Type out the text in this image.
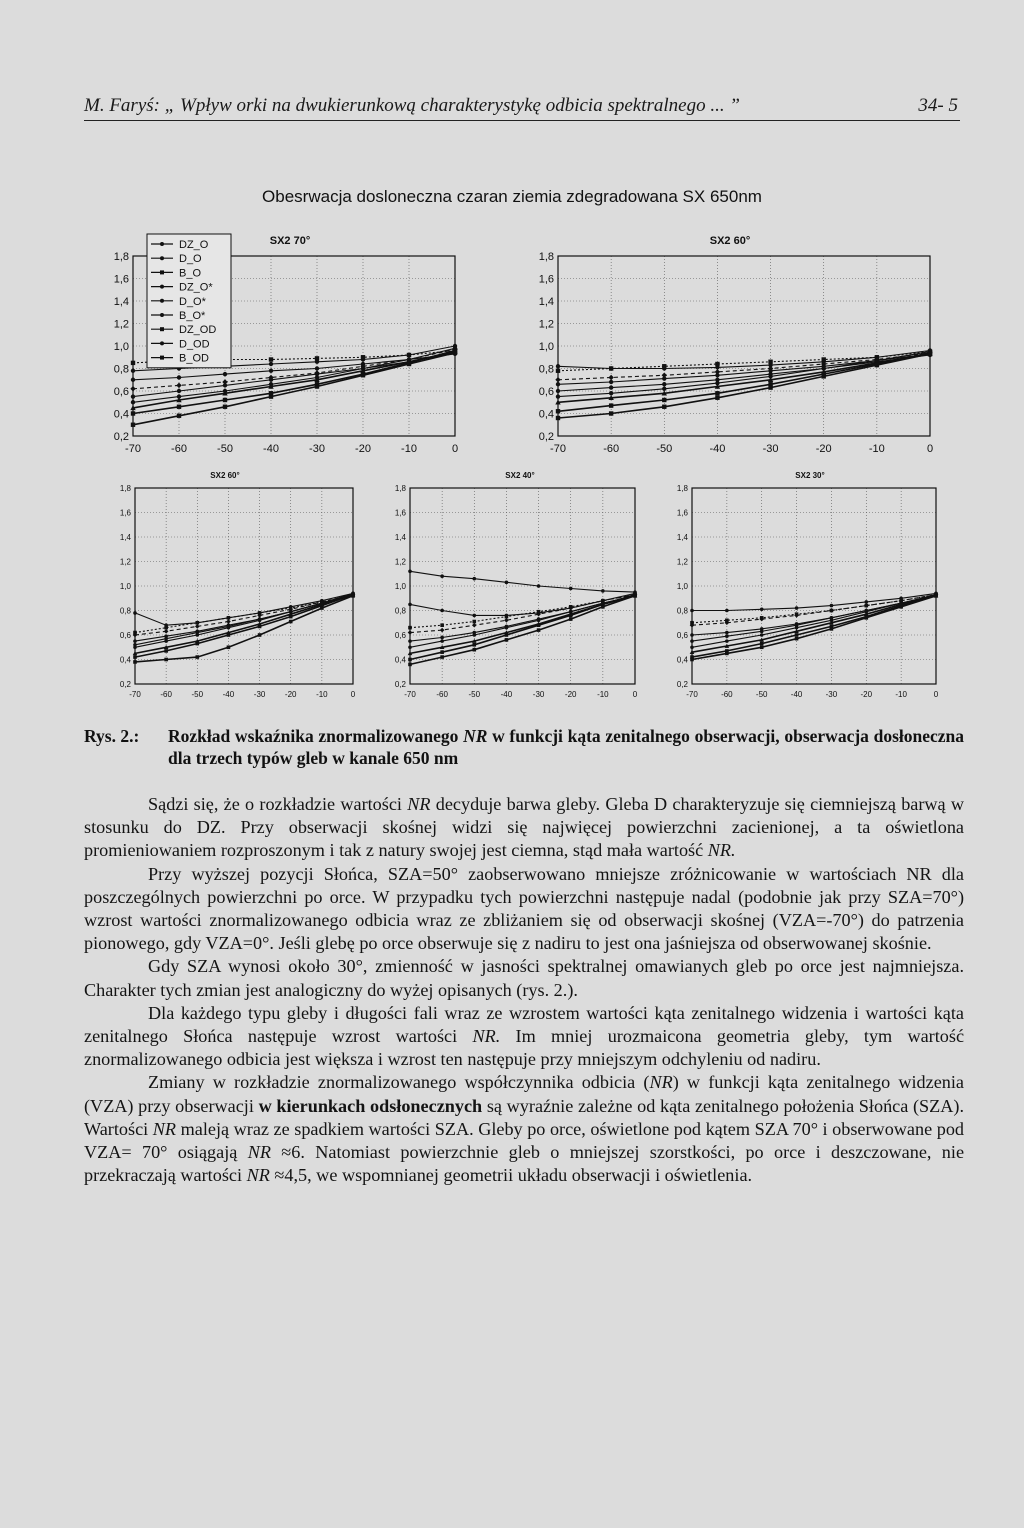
M. Faryś: „ Wpływ orki na dwukierunkową charakterystykę odbicia spektralnego ... ”	34- 5
Obesrwacja dosloneczna czaran ziemia zdegradowana SX 650nm
SX2 70°
1,8
1,6
1,4
1,2
1,0
0,8
0,6
0,4
0,2
-70	-60	-50	-40	-30	-20	-10	0
DZ_O
D_O
B_O
DZ_O*
D_O*
B_O*
DZ_OD
D_OD
B_OD
SX2 60°
1,8
1,6
1,4
1,2
1,0
0,8
0,6
0,4
0,2
-70	-60	-50	-40	-30	-20	-10	0
SX2 60°
1,8
1,6
1,4
1,2
1,0
0,8
0,6
0,4
0,2
-70 -60 -50 -40 -30 -20 -10	0
SX2 40°
1,8
1,6
1,4
1,2
1,0
0,8
0,6
0,4
0,2
-70	-60	-50	-40	-30	-20	-10	0
SX2 30°
1,8
1,6
1,4
1,2
1,0
0,8
0,6
0,4
0,2
-70	-60	-50	-40	-30	-20	-10	0
Rys. 2.: Rozkład wskaźnika znormalizowanego NR w funkcji kąta zenitalnego obserwacji, obserwacja dosłoneczna dla trzech typów gleb w kanale 650 nm

Sądzi się, że o rozkładzie wartości NR decyduje barwa gleby. Gleba D charakteryzuje się ciemniejszą barwą w stosunku do DZ. Przy obserwacji skośnej widzi się najwięcej powierzchni zacienionej, a ta oświetlona promieniowaniem rozproszonym i tak z natury swojej jest ciemna, stąd mała wartość NR.

Przy wyższej pozycji Słońca, SZA=50° zaobserwowano mniejsze zróżnicowanie w wartościach NR dla poszczególnych powierzchni po orce. W przypadku tych powierzchni następuje nadal (podobnie jak przy SZA=70°) wzrost wartości znormalizowanego odbicia wraz ze zbliżaniem się od obserwacji skośnej (VZA=-70°) do patrzenia pionowego, gdy VZA=0°. Jeśli glebę po orce obserwuje się z nadiru to jest ona jaśniejsza od obserwowanej skośnie.

Gdy SZA wynosi około 30°, zmienność w jasności spektralnej omawianych gleb po orce jest najmniejsza. Charakter tych zmian jest analogiczny do wyżej opisanych (rys. 2.).

Dla każdego typu gleby i długości fali wraz ze wzrostem wartości kąta zenitalnego widzenia i wartości kąta zenitalnego Słońca następuje wzrost wartości NR. Im mniej urozmaicona geometria gleby, tym wartość znormalizowanego odbicia jest większa i wzrost ten następuje przy mniejszym odchyleniu od nadiru.

Zmiany w rozkładzie znormalizowanego współczynnika odbicia (NR) w funkcji kąta zenitalnego widzenia (VZA) przy obserwacji w kierunkach odsłonecznych są wyraźnie zależne od kąta zenitalnego położenia Słońca (SZA). Wartości NR maleją wraz ze spadkiem wartości SZA. Gleby po orce, oświetlone pod kątem SZA 70° i obserwowane pod VZA= 70° osiągają NR ≈6. Natomiast powierzchnie gleb o mniejszej szorstkości, po orce i deszczowane, nie przekraczają wartości NR ≈4,5, we wspomnianej geometrii układu obserwacji i oświetlenia.
